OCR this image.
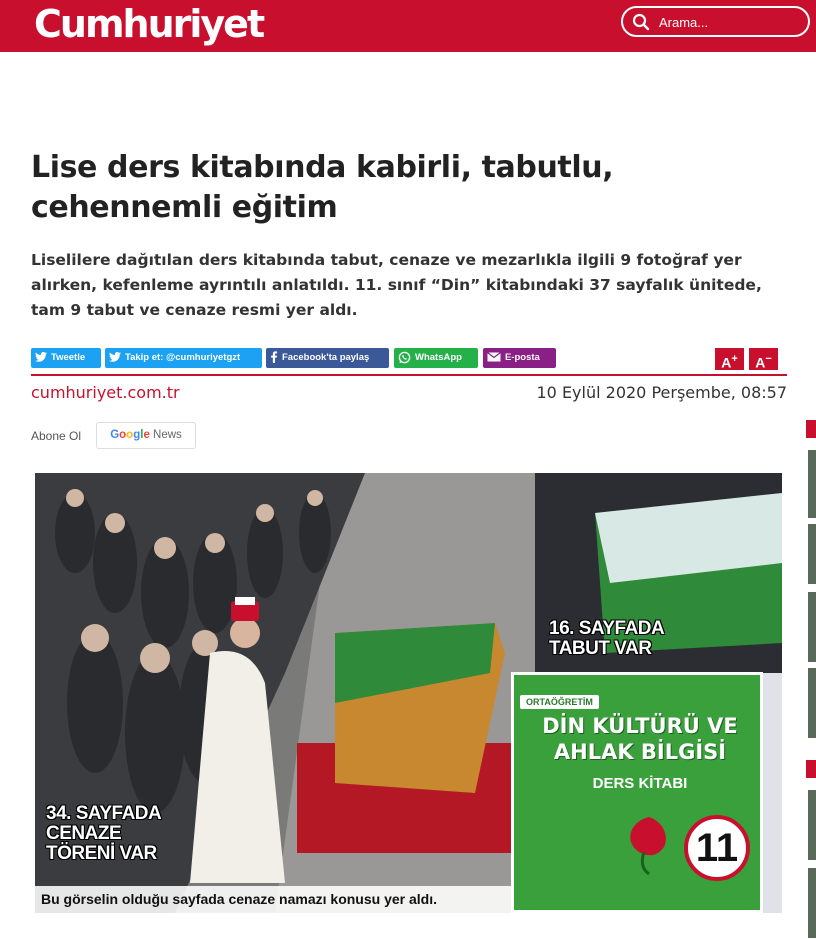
Cumhuriyet
Arama...
Lise ders kitabında kabirli, tabutlu, cehennemli eğitim

Liselilere dağıtılan ders kitabında tabut, cenaze ve mezarlıkla ilgili 9 fotoğraf yer alırken, kefenleme ayrıntılı anlatıldı. 11. sınıf “Din” kitabındaki 37 sayfalık ünitede, tam 9 tabut ve cenaze resmi yer aldı.

Tweetle	Takip et: @cumhuriyetgzt	Facebook'ta paylaş	WhatsApp	E-posta	A+	A−
cumhuriyet.com.tr	10 Eylül 2020 Perşembe, 08:57
Abone Ol	Google News
34. SAYFADA
CENAZE
TÖRENİ VAR
16. SAYFADA
TABUT VAR
ORTAÖĞRETİM
DİN KÜLTÜRÜ VE
AHLAK BİLGİSİ
DERS KİTABI
11
Bu görselin olduğu sayfada cenaze namazı konusu yer aldı.
